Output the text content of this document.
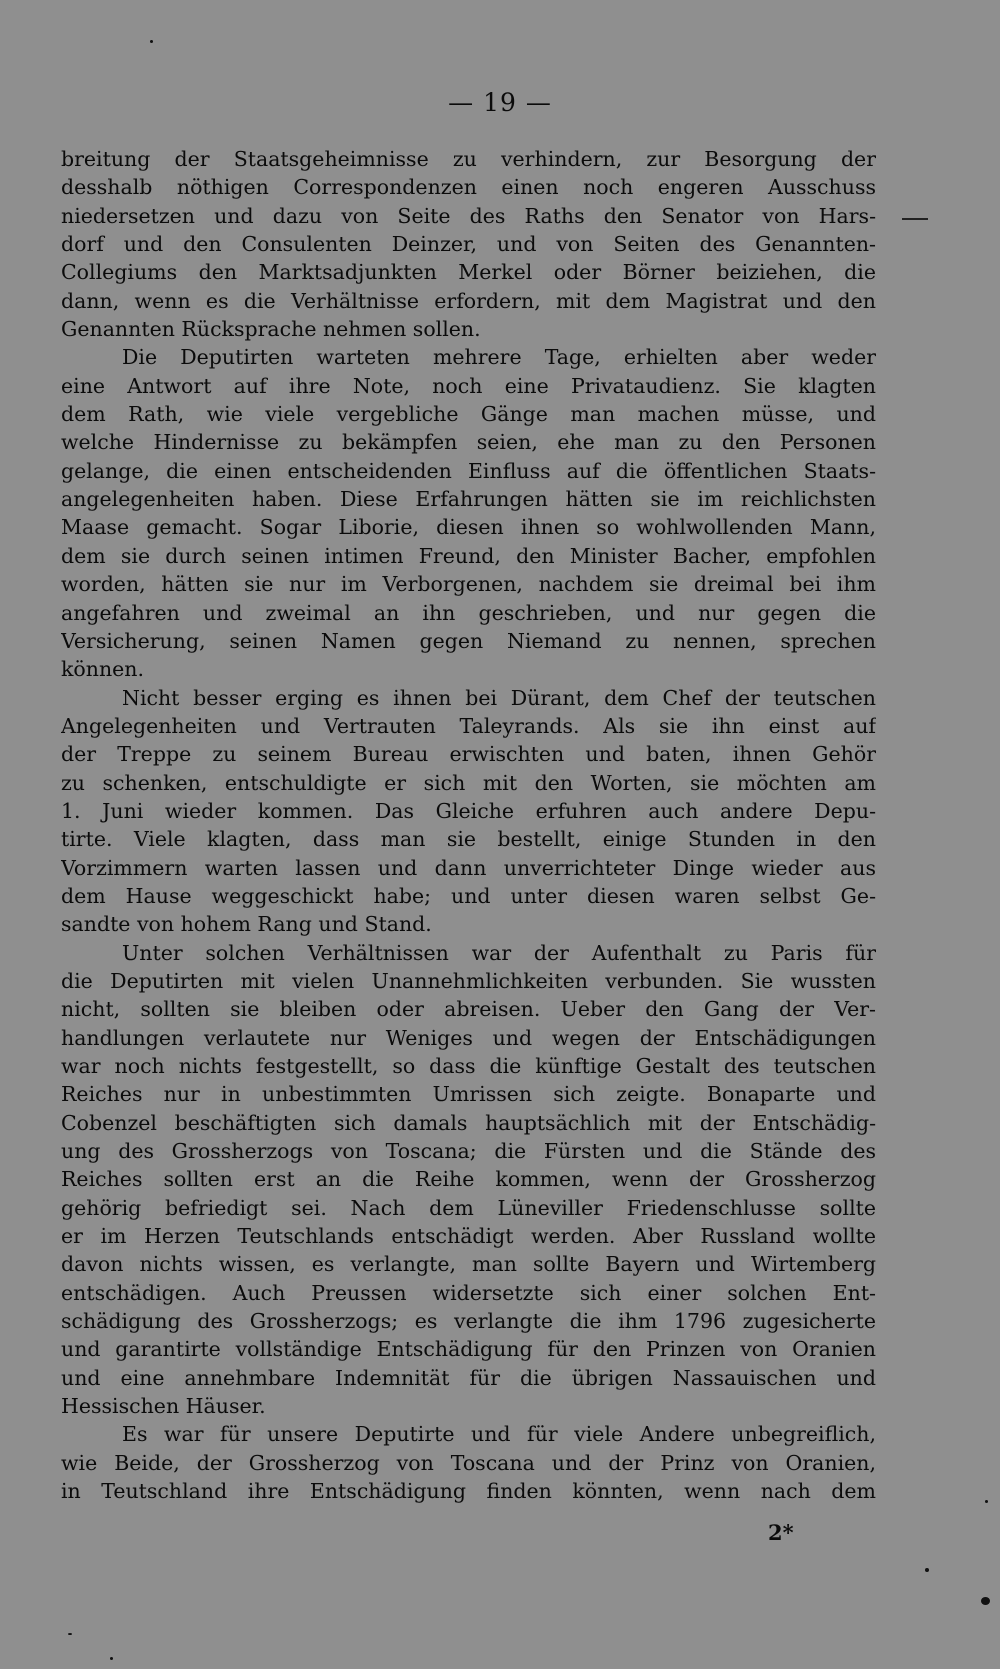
— 19 —
breitung der Staatsgeheimnisse zu verhindern, zur Besorgung der
desshalb nöthigen Correspondenzen einen noch engeren Ausschuss
niedersetzen und dazu von Seite des Raths den Senator von Hars-
dorf und den Consulenten Deinzer, und von Seiten des Genannten-
Collegiums den Marktsadjunkten Merkel oder Börner beiziehen, die
dann, wenn es die Verhältnisse erfordern, mit dem Magistrat und den
Genannten Rücksprache nehmen sollen.
Die Deputirten warteten mehrere Tage, erhielten aber weder
eine Antwort auf ihre Note, noch eine Privataudienz. Sie klagten
dem Rath, wie viele vergebliche Gänge man machen müsse, und
welche Hindernisse zu bekämpfen seien, ehe man zu den Personen
gelange, die einen entscheidenden Einfluss auf die öffentlichen Staats-
angelegenheiten haben. Diese Erfahrungen hätten sie im reichlichsten
Maase gemacht. Sogar Liborie, diesen ihnen so wohlwollenden Mann,
dem sie durch seinen intimen Freund, den Minister Bacher, empfohlen
worden, hätten sie nur im Verborgenen, nachdem sie dreimal bei ihm
angefahren und zweimal an ihn geschrieben, und nur gegen die
Versicherung, seinen Namen gegen Niemand zu nennen, sprechen
können.
Nicht besser erging es ihnen bei Dürant, dem Chef der teutschen
Angelegenheiten und Vertrauten Taleyrands. Als sie ihn einst auf
der Treppe zu seinem Bureau erwischten und baten, ihnen Gehör
zu schenken, entschuldigte er sich mit den Worten, sie möchten am
1. Juni wieder kommen. Das Gleiche erfuhren auch andere Depu-
tirte. Viele klagten, dass man sie bestellt, einige Stunden in den
Vorzimmern warten lassen und dann unverrichteter Dinge wieder aus
dem Hause weggeschickt habe; und unter diesen waren selbst Ge-
sandte von hohem Rang und Stand.
Unter solchen Verhältnissen war der Aufenthalt zu Paris für
die Deputirten mit vielen Unannehmlichkeiten verbunden. Sie wussten
nicht, sollten sie bleiben oder abreisen. Ueber den Gang der Ver-
handlungen verlautete nur Weniges und wegen der Entschädigungen
war noch nichts festgestellt, so dass die künftige Gestalt des teutschen
Reiches nur in unbestimmten Umrissen sich zeigte. Bonaparte und
Cobenzel beschäftigten sich damals hauptsächlich mit der Entschädig-
ung des Grossherzogs von Toscana; die Fürsten und die Stände des
Reiches sollten erst an die Reihe kommen, wenn der Grossherzog
gehörig befriedigt sei. Nach dem Lüneviller Friedenschlusse sollte
er im Herzen Teutschlands entschädigt werden. Aber Russland wollte
davon nichts wissen, es verlangte, man sollte Bayern und Wirtemberg
entschädigen. Auch Preussen widersetzte sich einer solchen Ent-
schädigung des Grossherzogs; es verlangte die ihm 1796 zugesicherte
und garantirte vollständige Entschädigung für den Prinzen von Oranien
und eine annehmbare Indemnität für die übrigen Nassauischen und
Hessischen Häuser.
Es war für unsere Deputirte und für viele Andere unbegreiflich,
wie Beide, der Grossherzog von Toscana und der Prinz von Oranien,
in Teutschland ihre Entschädigung finden könnten, wenn nach dem
2*
